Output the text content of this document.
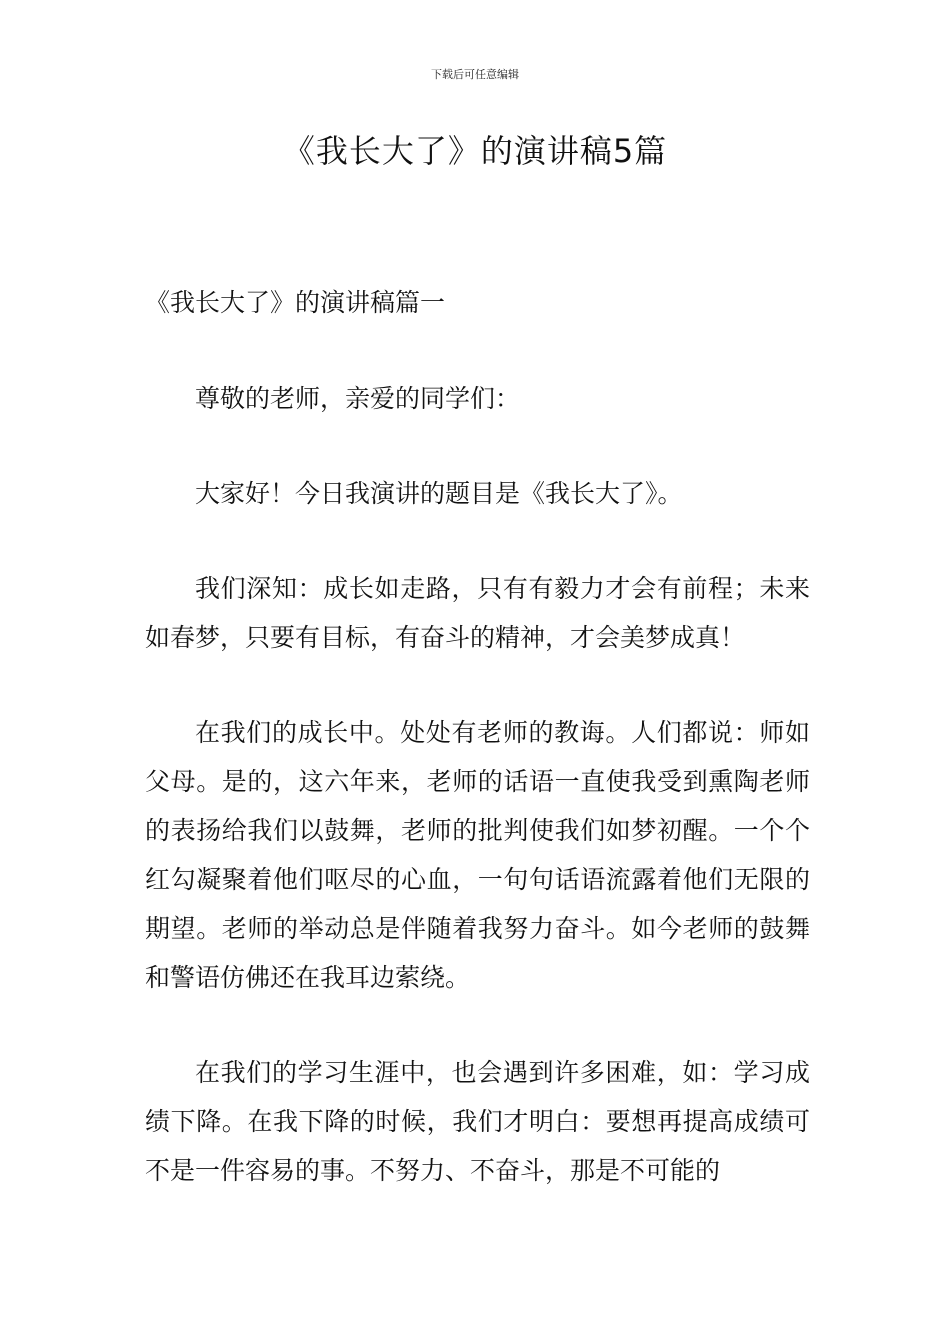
下载后可任意编辑
《我长大了》的演讲稿5篇

《我长大了》的演讲稿篇一

尊敬的老师，亲爱的同学们：

大家好！今日我演讲的题目是《我长大了》。

我们深知：成长如走路，只有有毅力才会有前程；未来如春梦，只要有目标，有奋斗的精神，才会美梦成真！

在我们的成长中。处处有老师的教诲。人们都说：师如父母。是的，这六年来，老师的话语一直使我受到熏陶老师的表扬给我们以鼓舞，老师的批判使我们如梦初醒。一个个红勾凝聚着他们呕尽的心血，一句句话语流露着他们无限的期望。老师的举动总是伴随着我努力奋斗。如今老师的鼓舞和警语仿佛还在我耳边萦绕。

在我们的学习生涯中，也会遇到许多困难，如：学习成绩下降。在我下降的时候，我们才明白：要想再提高成绩可不是一件容易的事。不努力、不奋斗，那是不可能的
